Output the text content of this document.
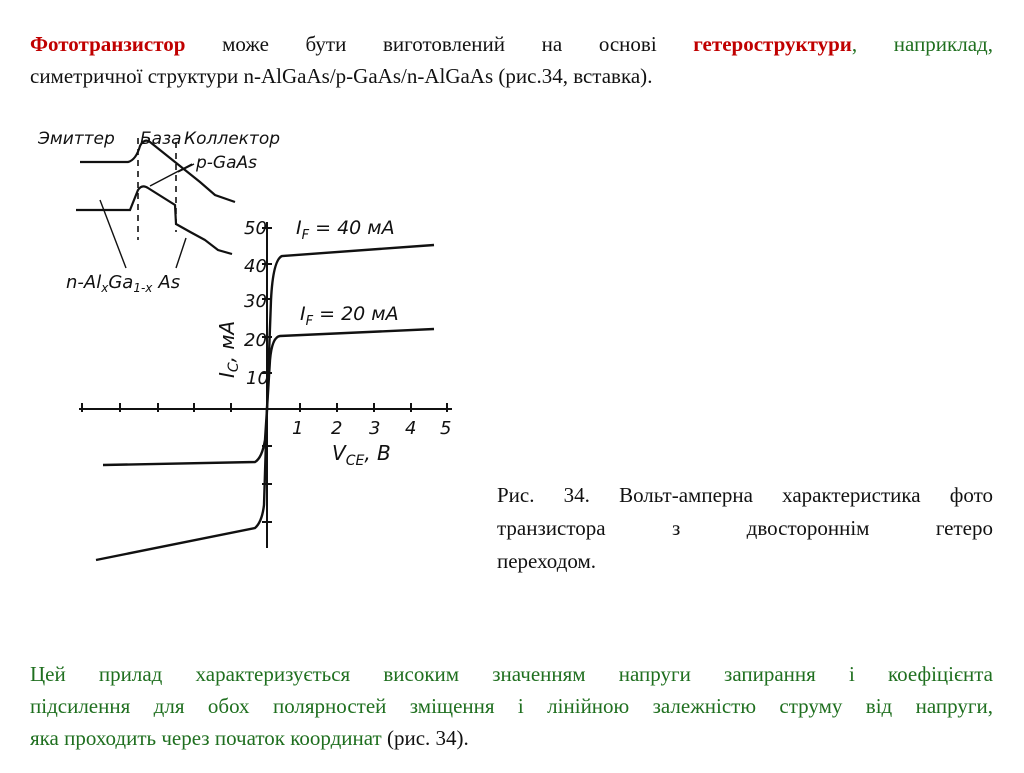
Фототранзистор може бути виготовлений на основі гетероструктури, наприклад,
симетричної структури n-AlGaAs/p-GaAs/n-AlGaAs (рис.34, вставка).
Эмиттер База Коллектор
p-GaAs
$n-Al_xGa_{1-x}$ As
10
20
30
40
50
1 2 3 4 5
$I_C$, мА
$V_{CE}$, В
$I_F = 40$ мА
$I_F = 20$ мА
Рис. 34. Вольт-амперна характеристика фото
транзистора з двостороннім гетеро
переходом.
Цей прилад характеризується високим значенням напруги запирання і коефіцієнта
підсилення для обох полярностей зміщення і лінійною залежністю струму від напруги,
яка проходить через початок координат (рис. 34).
